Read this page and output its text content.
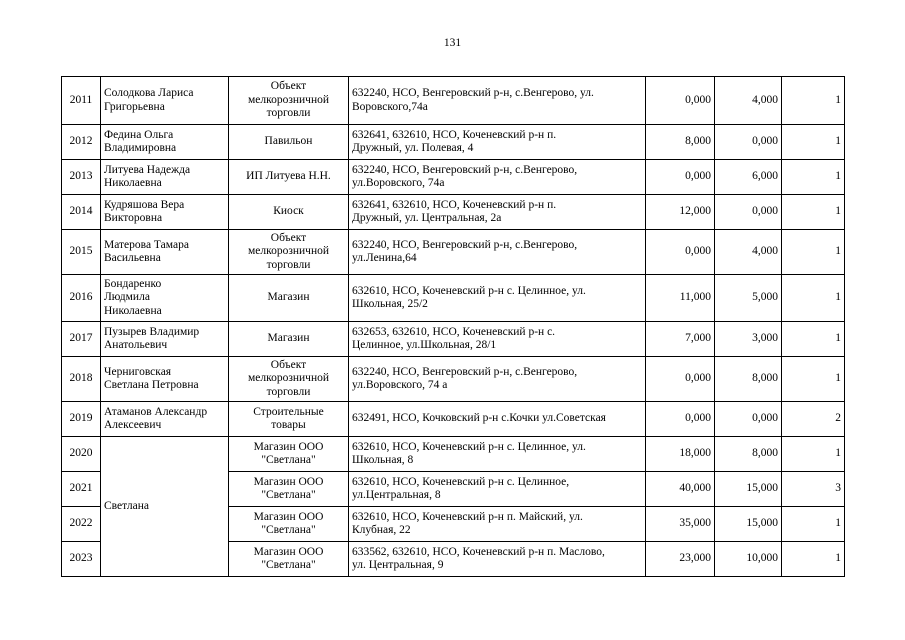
131
2011	Солодкова Лариса
Григорьевна	Объект
мелкорозничной
торговли	632240, НСО, Венгеровский р-н, с.Венгерово, ул.
Воровского,74а	0,000	4,000	1
2012	Федина Ольга
Владимировна	Павильон	632641, 632610, НСО, Коченевский р-н п.
Дружный, ул. Полевая, 4	8,000	0,000	1
2013	Литуева Надежда
Николаевна	ИП Литуева Н.Н.	632240, НСО, Венгеровский р-н, с.Венгерово,
ул.Воровского, 74а	0,000	6,000	1
2014	Кудряшова Вера
Викторовна	Киоск	632641, 632610, НСО, Коченевский р-н п.
Дружный, ул. Центральная, 2а	12,000	0,000	1
2015	Матерова Тамара
Васильевна	Объект
мелкорозничной
торговли	632240, НСО, Венгеровский р-н, с.Венгерово,
ул.Ленина,64	0,000	4,000	1
2016	Бондаренко
Людмила
Николаевна	Магазин	632610, НСО, Коченевский р-н с. Целинное, ул.
Школьная, 25/2	11,000	5,000	1
2017	Пузырев Владимир
Анатольевич	Магазин	632653, 632610, НСО, Коченевский р-н с.
Целинное, ул.Школьная, 28/1	7,000	3,000	1
2018	Черниговская
Светлана Петровна	Объект
мелкорозничной
торговли	632240, НСО, Венгеровский р-н, с.Венгерово,
ул.Воровского, 74 а	0,000	8,000	1
2019	Атаманов Александр
Алексеевич	Строительные
товары	632491, НСО, Кочковский р-н с.Кочки ул.Советская	0,000	0,000	2
2020	Светлана	Магазин ООО
"Светлана"	632610, НСО, Коченевский р-н с. Целинное, ул.
Школьная, 8	18,000	8,000	1
2021		Магазин ООО
"Светлана"	632610, НСО, Коченевский р-н с. Целинное,
ул.Центральная, 8	40,000	15,000	3
2022		Магазин ООО
"Светлана"	632610, НСО, Коченевский р-н п. Майский, ул.
Клубная, 22	35,000	15,000	1
2023		Магазин ООО
"Светлана"	633562, 632610, НСО, Коченевский р-н п. Маслово,
ул. Центральная, 9	23,000	10,000	1
